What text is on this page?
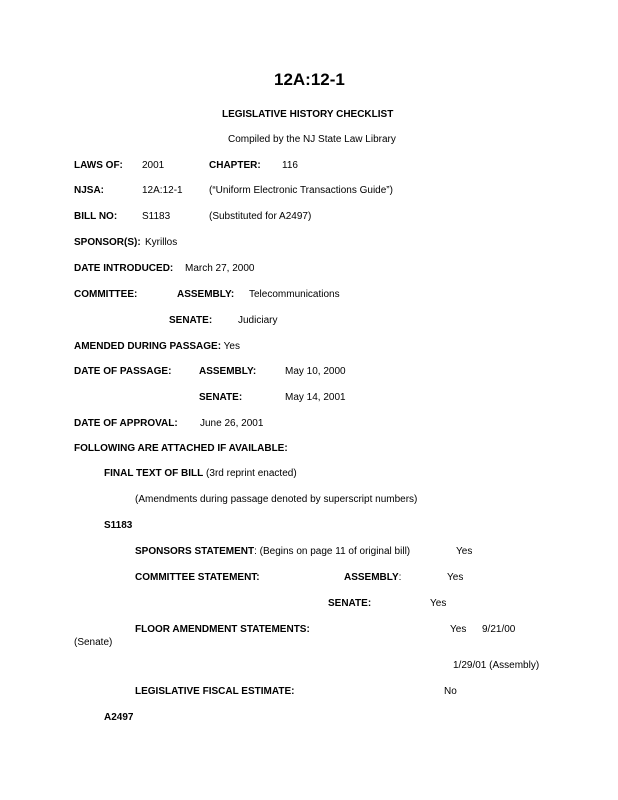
12A:12-1
LEGISLATIVE HISTORY CHECKLIST
Compiled by the NJ State Law Library
LAWS OF: 2001	CHAPTER: 116
NJSA:	12A:12-1	(“Uniform Electronic Transactions Guide”)
BILL NO: S1183	(Substituted for A2497)
SPONSOR(S): Kyrillos
DATE INTRODUCED: March 27, 2000
COMMITTEE:	ASSEMBLY: Telecommunications
SENATE:	Judiciary
AMENDED DURING PASSAGE: Yes
DATE OF PASSAGE:	ASSEMBLY:	May 10, 2000
SENATE:	May 14, 2001
DATE OF APPROVAL: June 26, 2001
FOLLOWING ARE ATTACHED IF AVAILABLE:
FINAL TEXT OF BILL (3rd reprint enacted)
(Amendments during passage denoted by superscript numbers)
S1183
SPONSORS STATEMENT: (Begins on page 11 of original bill)	Yes
COMMITTEE STATEMENT:	ASSEMBLY:	Yes
SENATE:	Yes
FLOOR AMENDMENT STATEMENTS:	Yes 9/21/00
(Senate)
1/29/01 (Assembly)
LEGISLATIVE FISCAL ESTIMATE:	No
A2497
